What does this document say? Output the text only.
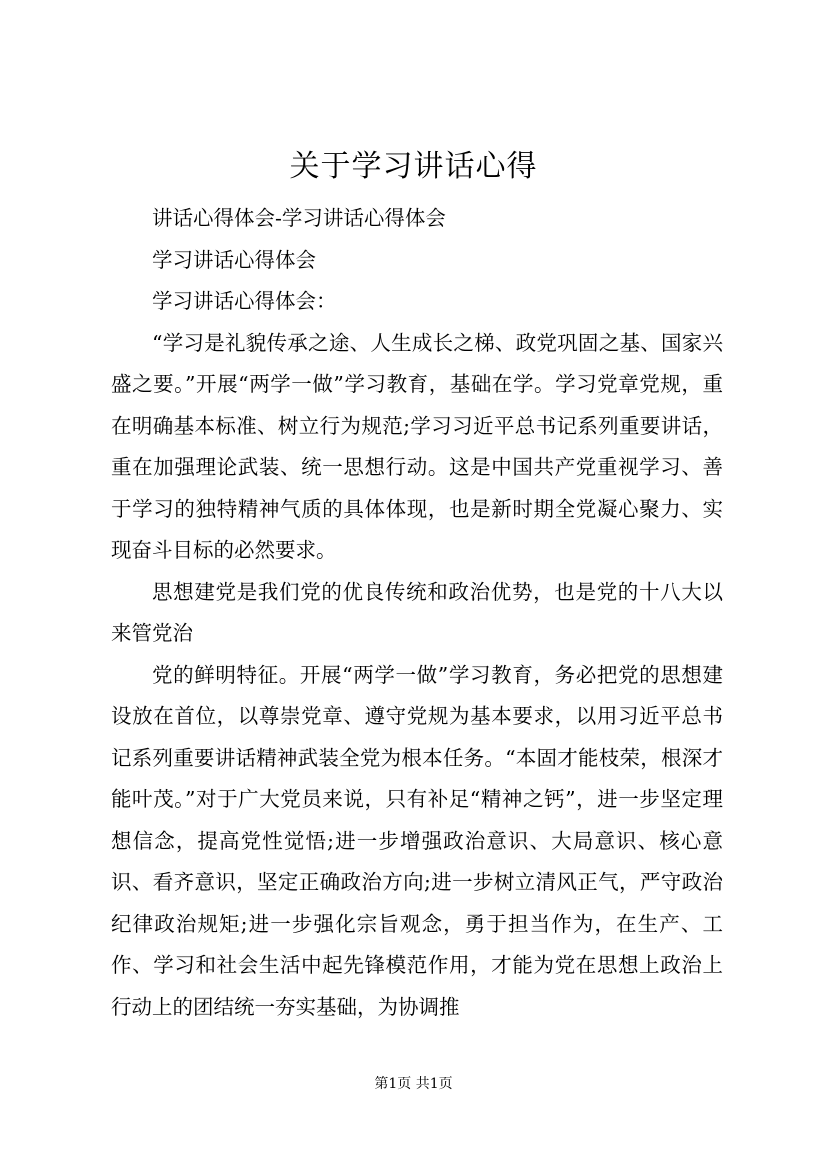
关于学习讲话心得

讲话心得体会-学习讲话心得体会

学习讲话心得体会

学习讲话心得体会：

“学习是礼貌传承之途、人生成长之梯、政党巩固之基、国家兴盛之要。”开展“两学一做”学习教育，基础在学。学习党章党规，重在明确基本标准、树立行为规范;学习习近平总书记系列重要讲话，重在加强理论武装、统一思想行动。这是中国共产党重视学习、善于学习的独特精神气质的具体体现，也是新时期全党凝心聚力、实现奋斗目标的必然要求。

思想建党是我们党的优良传统和政治优势，也是党的十八大以来管党治

党的鲜明特征。开展“两学一做”学习教育，务必把党的思想建设放在首位，以尊崇党章、遵守党规为基本要求，以用习近平总书记系列重要讲话精神武装全党为根本任务。“本固才能枝荣，根深才能叶茂。”对于广大党员来说，只有补足“精神之钙”，进一步坚定理想信念，提高党性觉悟;进一步增强政治意识、大局意识、核心意识、看齐意识，坚定正确政治方向;进一步树立清风正气，严守政治纪律政治规矩;进一步强化宗旨观念，勇于担当作为，在生产、工作、学习和社会生活中起先锋模范作用，才能为党在思想上政治上行动上的团结统一夯实基础，为协调推

第1页 共1页
